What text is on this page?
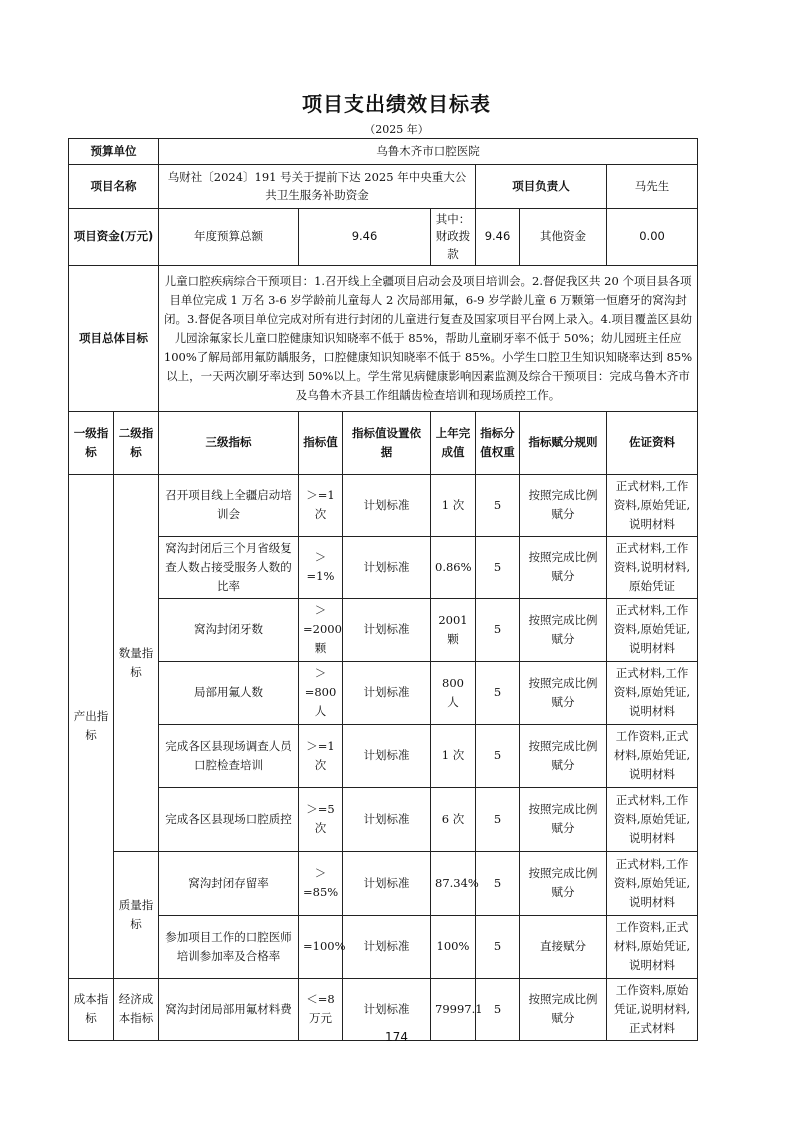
项目支出绩效目标表
（2025 年）
预算单位		乌鲁木齐市口腔医院						
项目名称		乌财社〔2024〕191 号关于提前下达 2025 年中央重大公共卫生服务补助资金				项目负责人		马先生
项目资金(万元)		年度预算总额	9.46		其中：财政拨款	9.46	其他资金	0.00
项目总体目标		儿童口腔疾病综合干预项目：1.召开线上全疆项目启动会及项目培训会。2.督促我区共 20 个项目县各项目单位完成 1 万名 3-6 岁学龄前儿童每人 2 次局部用氟，6-9 岁学龄儿童 6 万颗第一恒磨牙的窝沟封闭。3.督促各项目单位完成对所有进行封闭的儿童进行复查及国家项目平台网上录入。4.项目覆盖区县幼儿园涂氟家长儿童口腔健康知识知晓率不低于 85%，帮助儿童刷牙率不低于 50%；幼儿园班主任应 100%了解局部用氟防龋服务，口腔健康知识知晓率不低于 85%。小学生口腔卫生知识知晓率达到 85%以上，一天两次刷牙率达到 50%以上。学生常见病健康影响因素监测及综合干预项目：完成乌鲁木齐市及乌鲁木齐县工作组龋齿检查培训和现场质控工作。						
一级指标	二级指标	三级指标	指标值	指标值设置依据	上年完成值	指标分值权重	指标赋分规则	佐证资料
产出指标	数量指标	召开项目线上全疆启动培训会	＞=1次	计划标准	1 次	5	按照完成比例赋分	正式材料,工作资料,原始凭证,说明材料
		窝沟封闭后三个月省级复查人数占接受服务人数的比率	＞=1%	计划标准	0.86%	5	按照完成比例赋分	正式材料,工作资料,说明材料,原始凭证
		窝沟封闭牙数	＞=2000颗	计划标准	2001颗	5	按照完成比例赋分	正式材料,工作资料,原始凭证,说明材料
		局部用氟人数	＞=800人	计划标准	800 人	5	按照完成比例赋分	正式材料,工作资料,原始凭证,说明材料
		完成各区县现场调查人员口腔检查培训	＞=1次	计划标准	1 次	5	按照完成比例赋分	工作资料,正式材料,原始凭证,说明材料
		完成各区县现场口腔质控	＞=5次	计划标准	6 次	5	按照完成比例赋分	正式材料,工作资料,原始凭证,说明材料
	质量指标	窝沟封闭存留率	＞=85%	计划标准	87.34%	5	按照完成比例赋分	正式材料,工作资料,原始凭证,说明材料
		参加项目工作的口腔医师培训参加率及合格率	=100%	计划标准	100%	5	直接赋分	工作资料,正式材料,原始凭证,说明材料
成本指标	经济成本指标	窝沟封闭局部用氟材料费	＜=8万元	计划标准	79997.1	5	按照完成比例赋分	工作资料,原始凭证,说明材料,正式材料
174
